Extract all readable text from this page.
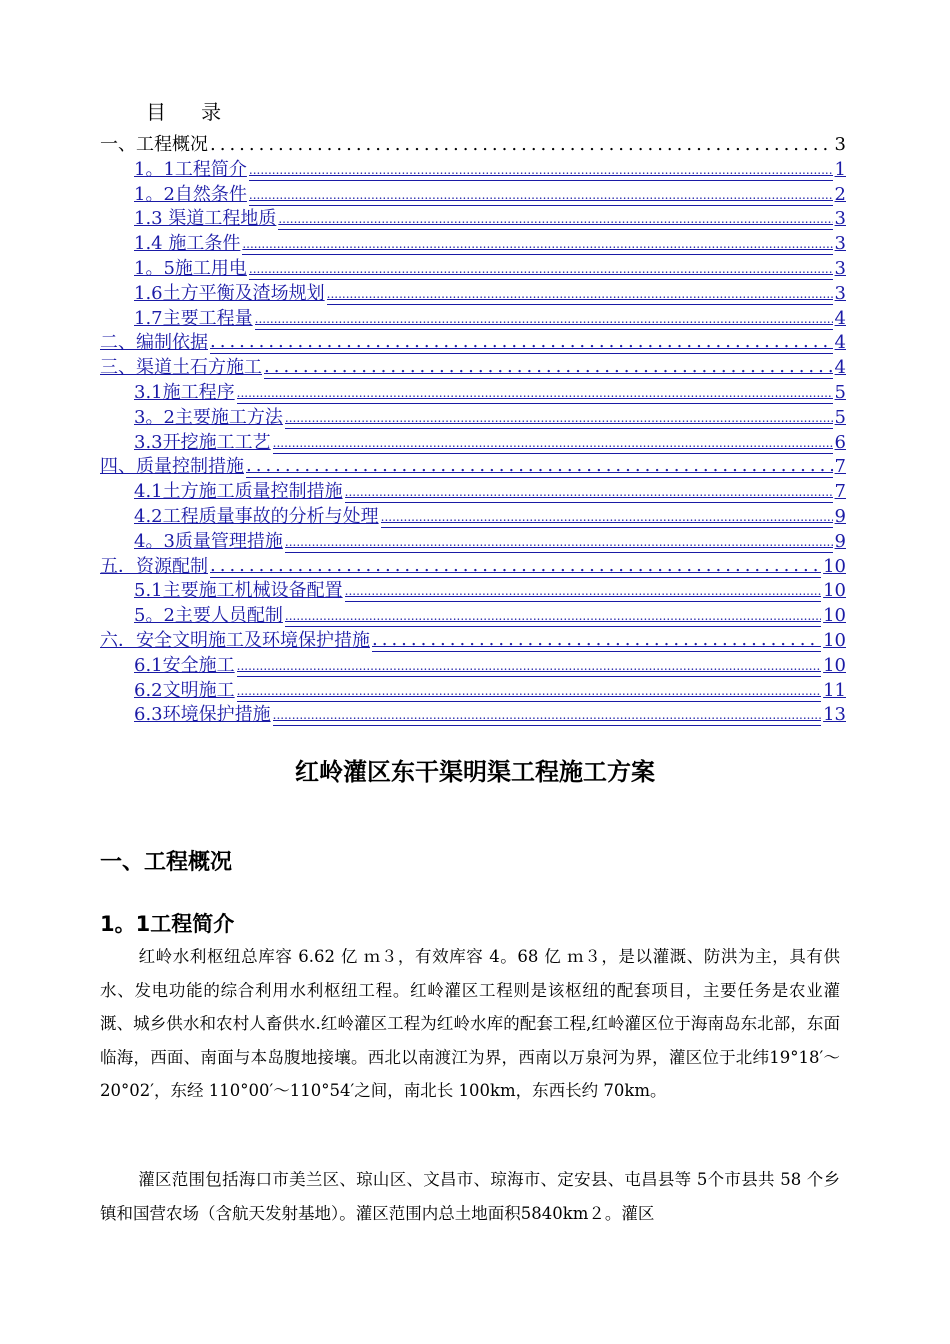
目 录
一、工程概况 .....	3
1。1工程简介 .....	1
1。2自然条件 .....	2
1.3 渠道工程地质 .....	3
1.4 施工条件 .....	3
1。5施工用电 .....	3
1.6土方平衡及渣场规划 .....	3
1.7主要工程量 .....	4
二、编制依据 .....	4
三、渠道土石方施工 .....	4
3.1施工程序 .....	5
3。2主要施工方法 .....	5
3.3开挖施工工艺 .....	6
四、质量控制措施 .....	7
4.1土方施工质量控制措施 .....	7
4.2工程质量事故的分析与处理 .....	9
4。3质量管理措施 .....	9
五．资源配制 .....	10
5.1主要施工机械设备配置 .....	10
5。2主要人员配制 .....	10
六．安全文明施工及环境保护措施 .....	10
6.1安全施工 .....	10
6.2文明施工 .....	11
6.3环境保护措施 .....	13
红岭灌区东干渠明渠工程施工方案
一、工程概况
1。1工程简介
红岭水利枢纽总库容 6.62 亿 ｍ３，有效库容 4。68 亿 ｍ３，是以灌溉、防洪为主，具有供水、发电功能的综合利用水利枢纽工程。红岭灌区工程则是该枢纽的配套项目，主要任务是农业灌溉、城乡供水和农村人畜供水.红岭灌区工程为红岭水库的配套工程,红岭灌区位于海南岛东北部，东面临海，西面、南面与本岛腹地接壤。西北以南渡江为界，西南以万泉河为界，灌区位于北纬19°18′～20°02′，东经 110°00′～110°54′之间，南北长 100km，东西长约 70km。
灌区范围包括海口市美兰区、琼山区、文昌市、琼海市、定安县、屯昌县等 5个市县共 58 个乡镇和国营农场（含航天发射基地）。灌区范围内总土地面积5840km２。灌区
